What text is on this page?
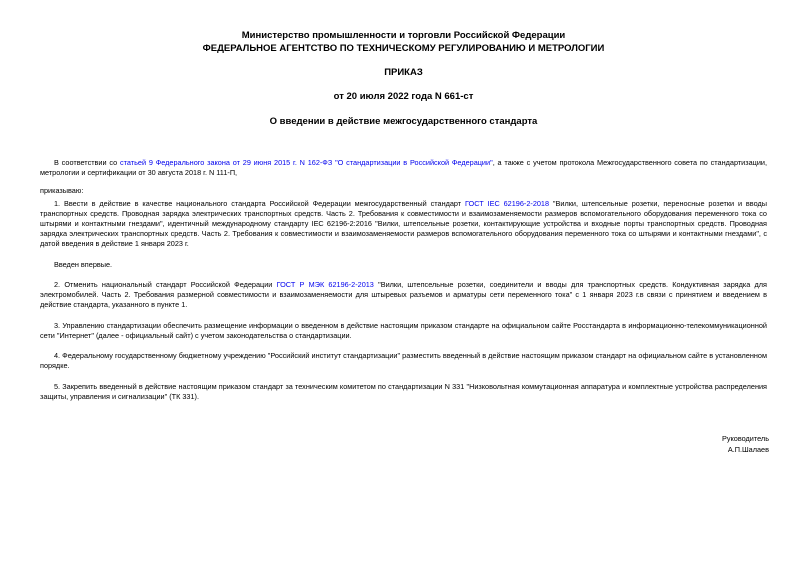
Министерство промышленности и торговли Российской Федерации
ФЕДЕРАЛЬНОЕ АГЕНТСТВО ПО ТЕХНИЧЕСКОМУ РЕГУЛИРОВАНИЮ И МЕТРОЛОГИИ
ПРИКАЗ
от 20 июля 2022 года N 661-ст
О введении в действие межгосударственного стандарта

В соответствии со статьей 9 Федерального закона от 29 июня 2015 г. N 162-ФЗ "О стандартизации в Российской Федерации", а также с учетом протокола Межгосударственного совета по стандартизации, метрологии и сертификации от 30 августа 2018 г. N 111-П,

приказываю:

1. Ввести в действие в качестве национального стандарта Российской Федерации межгосударственный стандарт ГОСТ IEC 62196-2-2018 "Вилки, штепсельные розетки, переносные розетки и вводы транспортных средств. Проводная зарядка электрических транспортных средств. Часть 2. Требования к совместимости и взаимозаменяемости размеров вспомогательного оборудования переменного тока со штырями и контактными гнездами", идентичный международному стандарту IEC 62196-2:2016 "Вилки, штепсельные розетки, контактирующие устройства и входные порты транспортных средств. Проводная зарядка электрических транспортных средств. Часть 2. Требования к совместимости и взаимозаменяемости размеров вспомогательного оборудования переменного тока со штырями и контактными гнездами", с датой введения в действие 1 января 2023 г.

Введен впервые.

2. Отменить национальный стандарт Российской Федерации ГОСТ Р МЭК 62196-2-2013 "Вилки, штепсельные розетки, соединители и вводы для транспортных средств. Кондуктивная зарядка для электромобилей. Часть 2. Требования размерной совместимости и взаимозаменяемости для штыревых разъемов и арматуры сети переменного тока" с 1 января 2023 г.в связи с принятием и введением в действие стандарта, указанного в пункте 1.

3. Управлению стандартизации обеспечить размещение информации о введенном в действие настоящим приказом стандарте на официальном сайте Росстандарта в информационно-телекоммуникационной сети "Интернет" (далее - официальный сайт) с учетом законодательства о стандартизации.

4. Федеральному государственному бюджетному учреждению "Российский институт стандартизации" разместить введенный в действие настоящим приказом стандарт на официальном сайте в установленном порядке.

5. Закрепить введенный в действие настоящим приказом стандарт за техническим комитетом по стандартизации N 331 "Низковольтная коммутационная аппаратура и комплектные устройства распределения защиты, управления и сигнализации" (ТК 331).

Руководитель
А.П.Шалаев
